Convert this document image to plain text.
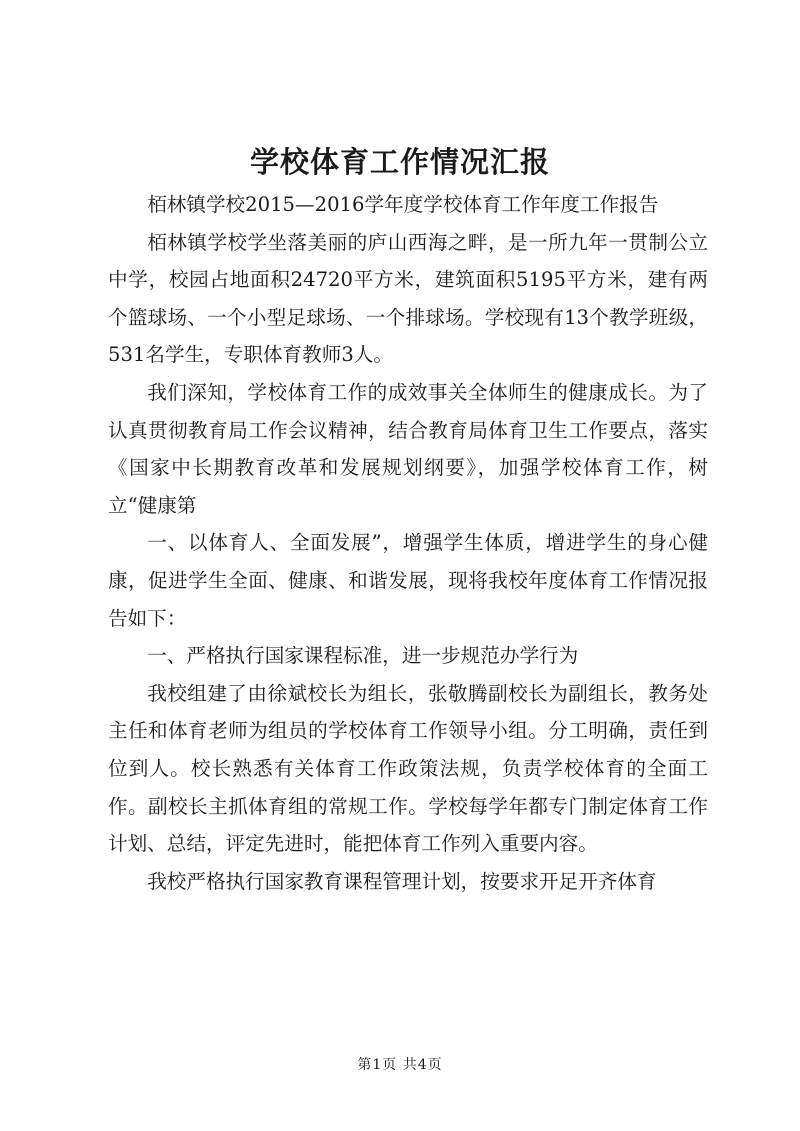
学校体育工作情况汇报

栢林镇学校2015—2016学年度学校体育工作年度工作报告

栢林镇学校学坐落美丽的庐山西海之畔，是一所九年一贯制公立中学，校园占地面积24720平方米，建筑面积5195平方米，建有两个篮球场、一个小型足球场、一个排球场。学校现有13个教学班级，531名学生，专职体育教师3人。

我们深知，学校体育工作的成效事关全体师生的健康成长。为了认真贯彻教育局工作会议精神，结合教育局体育卫生工作要点，落实《国家中长期教育改革和发展规划纲要》，加强学校体育工作，树立“健康第

一、以体育人、全面发展”，增强学生体质，增进学生的身心健康，促进学生全面、健康、和谐发展，现将我校年度体育工作情况报告如下：

一、严格执行国家课程标准，进一步规范办学行为

我校组建了由徐斌校长为组长，张敬腾副校长为副组长，教务处主任和体育老师为组员的学校体育工作领导小组。分工明确，责任到位到人。校长熟悉有关体育工作政策法规，负责学校体育的全面工作。副校长主抓体育组的常规工作。学校每学年都专门制定体育工作计划、总结，评定先进时，能把体育工作列入重要内容。

我校严格执行国家教育课程管理计划，按要求开足开齐体育

第1页 共4页
